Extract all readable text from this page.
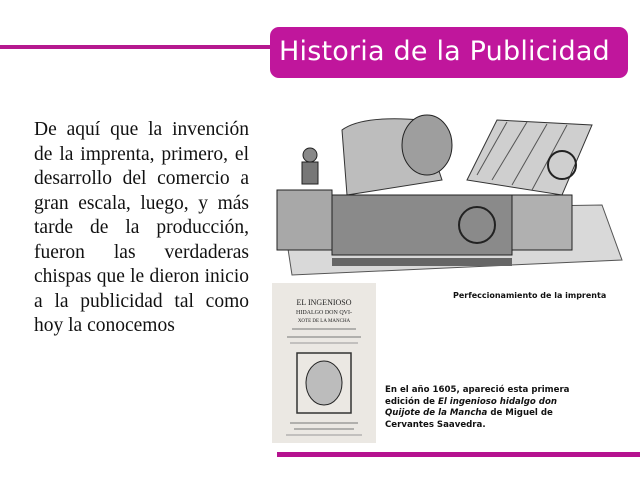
Historia de la Publicidad
De aquí que la invención de la imprenta, primero, el desarrollo del comercio a gran escala, luego, y más tarde de la producción, fueron las verdaderas chispas que le dieron inicio a la publicidad tal como hoy la conocemos
Perfeccionamiento de la imprenta
EL INGENIOSO
HIDALGO DON QVI-
XOTE DE LA MANCHA
En el año 1605, apareció esta primera edición de El ingenioso hidalgo don Quijote de la Mancha de Miguel de Cervantes Saavedra.
